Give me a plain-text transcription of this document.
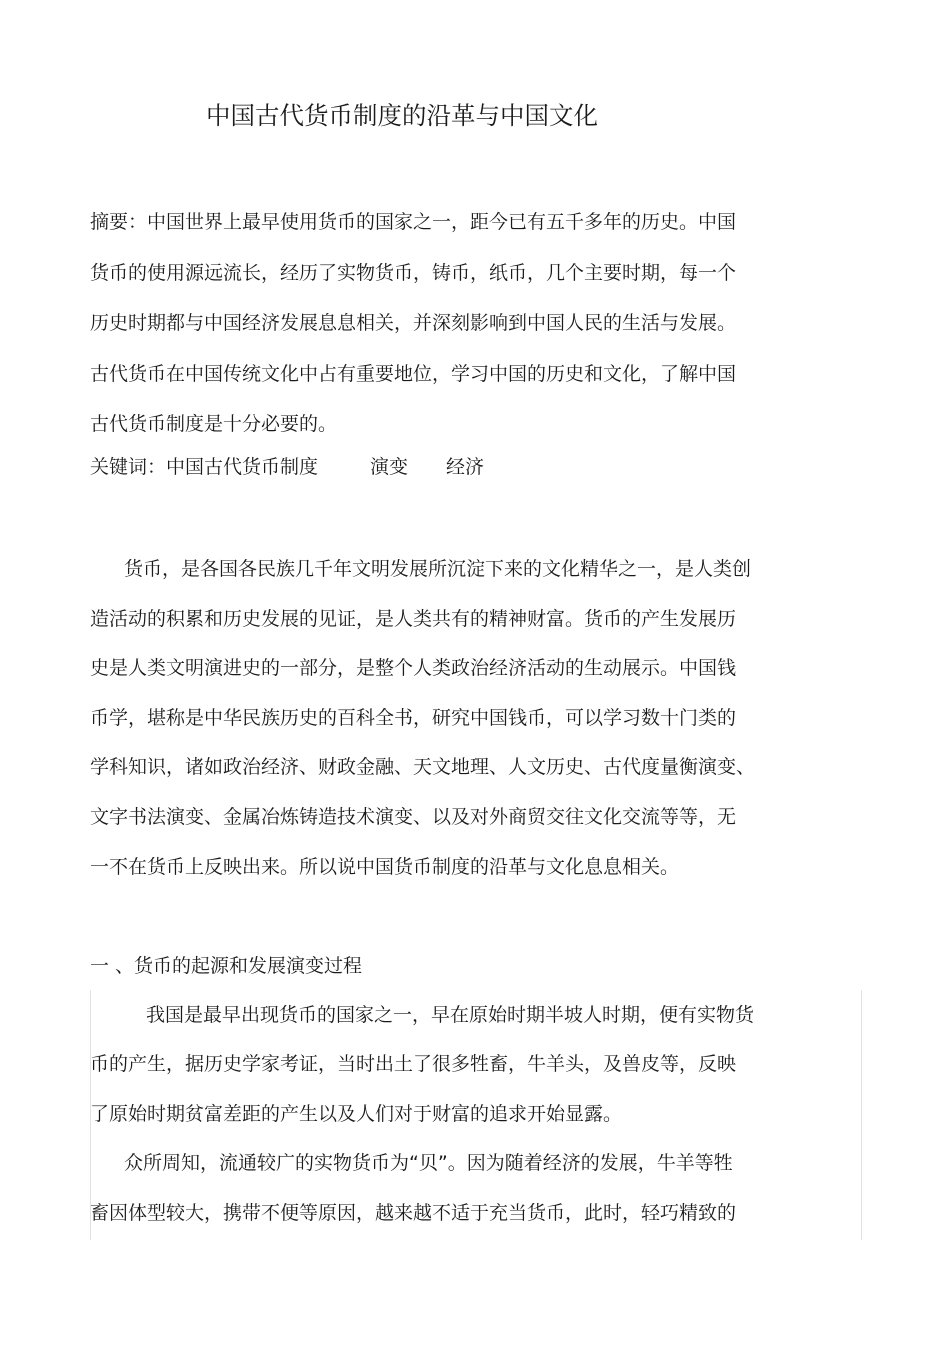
中国古代货币制度的沿革与中国文化
摘要：中国世界上最早使用货币的国家之一，距今已有五千多年的历史。中国
货币的使用源远流长，经历了实物货币，铸币，纸币，几个主要时期，每一个
历史时期都与中国经济发展息息相关，并深刻影响到中国人民的生活与发展。
古代货币在中国传统文化中占有重要地位，学习中国的历史和文化，了解中国
古代货币制度是十分必要的。
关键词：中国古代货币制度	演变 经济
货币，是各国各民族几千年文明发展所沉淀下来的文化精华之一，是人类创
造活动的积累和历史发展的见证，是人类共有的精神财富。货币的产生发展历
史是人类文明演进史的一部分，是整个人类政治经济活动的生动展示。中国钱
币学，堪称是中华民族历史的百科全书，研究中国钱币，可以学习数十门类的
学科知识，诸如政治经济、财政金融、天文地理、人文历史、古代度量衡演变、
文字书法演变、金属冶炼铸造技术演变、以及对外商贸交往文化交流等等，无
一不在货币上反映出来。所以说中国货币制度的沿革与文化息息相关。
一 、货币的起源和发展演变过程
我国是最早出现货币的国家之一，早在原始时期半坡人时期，便有实物货
币的产生，据历史学家考证，当时出土了很多牲畜，牛羊头，及兽皮等，反映
了原始时期贫富差距的产生以及人们对于财富的追求开始显露。
众所周知，流通较广的实物货币为“贝”。因为随着经济的发展，牛羊等牲
畜因体型较大，携带不便等原因，越来越不适于充当货币，此时，轻巧精致的
